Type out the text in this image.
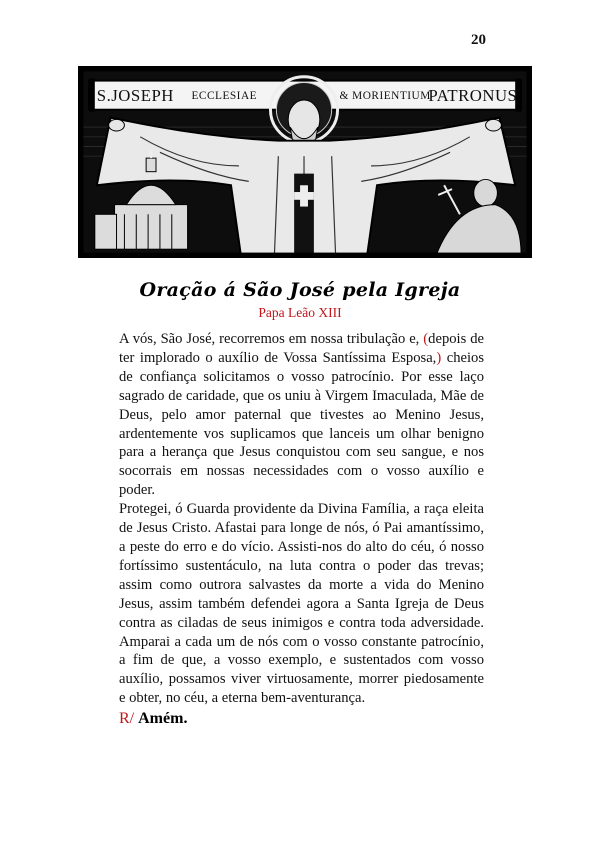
20
S.JOSEPH ECCLESIAE	& MORIENTIUM
PATRONUS
Oração á São José pela Igreja
Papa Leão XIII

A vós, São José, recorremos em nossa tribulação e, (depois de ter implorado o auxílio de Vossa Santíssima Esposa,) cheios de confiança solicitamos o vosso patrocínio. Por esse laço sagrado de caridade, que os uniu à Virgem Imaculada, Mãe de Deus, pelo amor paternal que tivestes ao Menino Jesus, ardentemente vos suplicamos que lanceis um olhar benigno para a herança que Jesus conquistou com seu sangue, e nos socorrais em nossas necessidades com o vosso auxílio e poder.

Protegei, ó Guarda providente da Divina Família, a raça eleita de Jesus Cristo. Afastai para longe de nós, ó Pai amantíssimo, a peste do erro e do vício. Assisti-nos do alto do céu, ó nosso fortíssimo sustentáculo, na luta contra o poder das trevas; assim como outrora salvastes da morte a vida do Menino Jesus, assim também defendei agora a Santa Igreja de Deus contra as ciladas de seus inimigos e contra toda adversidade. Amparai a cada um de nós com o vosso constante patrocínio, a fim de que, a vosso exemplo, e sustentados com vosso auxílio, possamos viver virtuosamente, morrer piedosamente e obter, no céu, a eterna bem-aventurança.

R/ Amém.
